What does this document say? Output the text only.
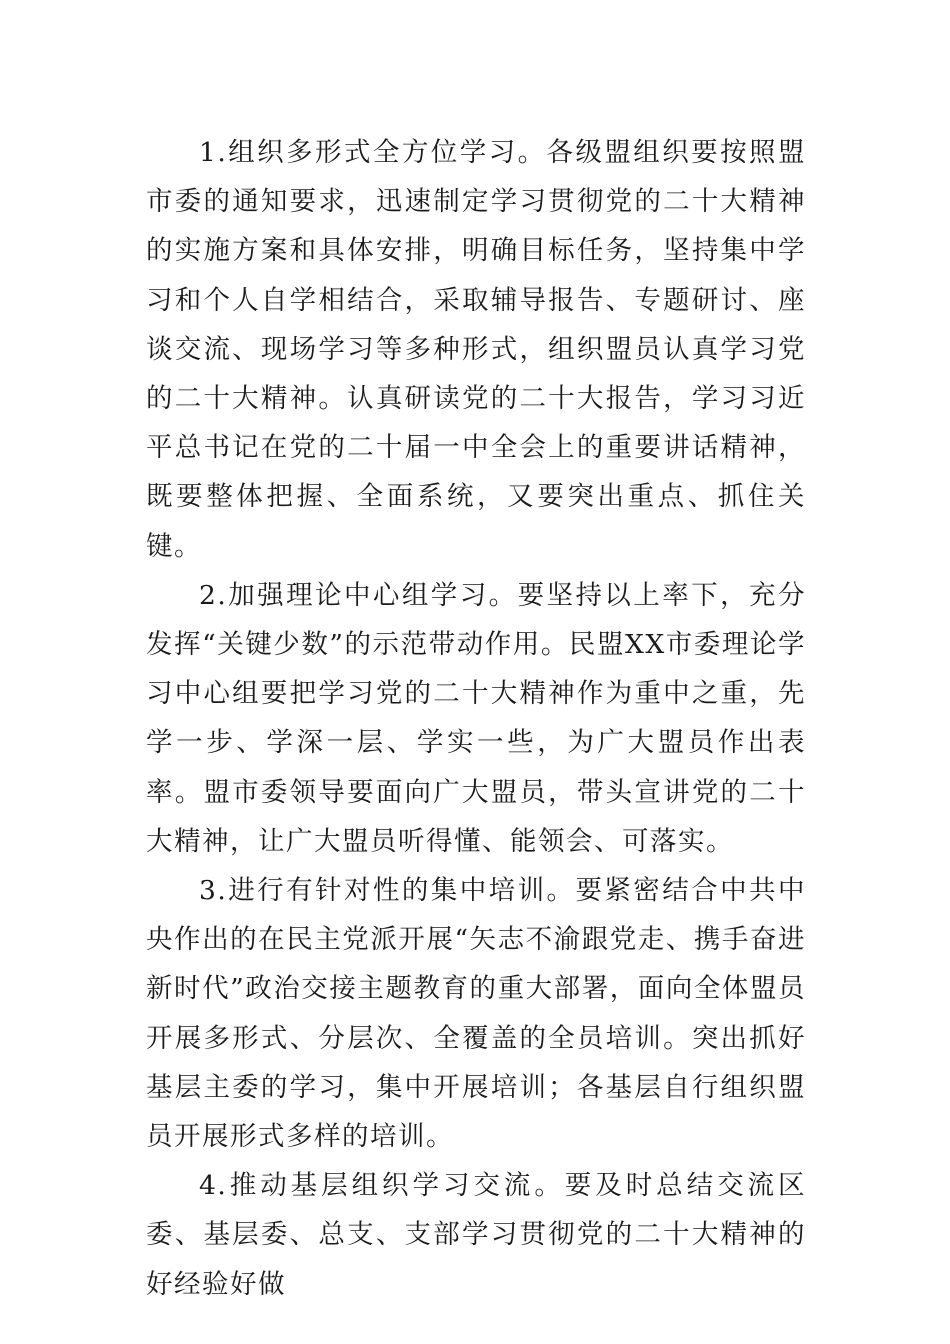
1.组织多形式全方位学习。各级盟组织要按照盟市委的通知要求，迅速制定学习贯彻党的二十大精神的实施方案和具体安排，明确目标任务，坚持集中学习和个人自学相结合，采取辅导报告、专题研讨、座谈交流、现场学习等多种形式，组织盟员认真学习党的二十大精神。认真研读党的二十大报告，学习习近平总书记在党的二十届一中全会上的重要讲话精神，既要整体把握、全面系统，又要突出重点、抓住关键。

2.加强理论中心组学习。要坚持以上率下，充分发挥“关键少数”的示范带动作用。民盟XX市委理论学习中心组要把学习党的二十大精神作为重中之重，先学一步、学深一层、学实一些，为广大盟员作出表率。盟市委领导要面向广大盟员，带头宣讲党的二十大精神，让广大盟员听得懂、能领会、可落实。

3.进行有针对性的集中培训。要紧密结合中共中央作出的在民主党派开展“矢志不渝跟党走、携手奋进新时代”政治交接主题教育的重大部署，面向全体盟员开展多形式、分层次、全覆盖的全员培训。突出抓好基层主委的学习，集中开展培训；各基层自行组织盟员开展形式多样的培训。

4.推动基层组织学习交流。要及时总结交流区委、基层委、总支、支部学习贯彻党的二十大精神的好经验好做
